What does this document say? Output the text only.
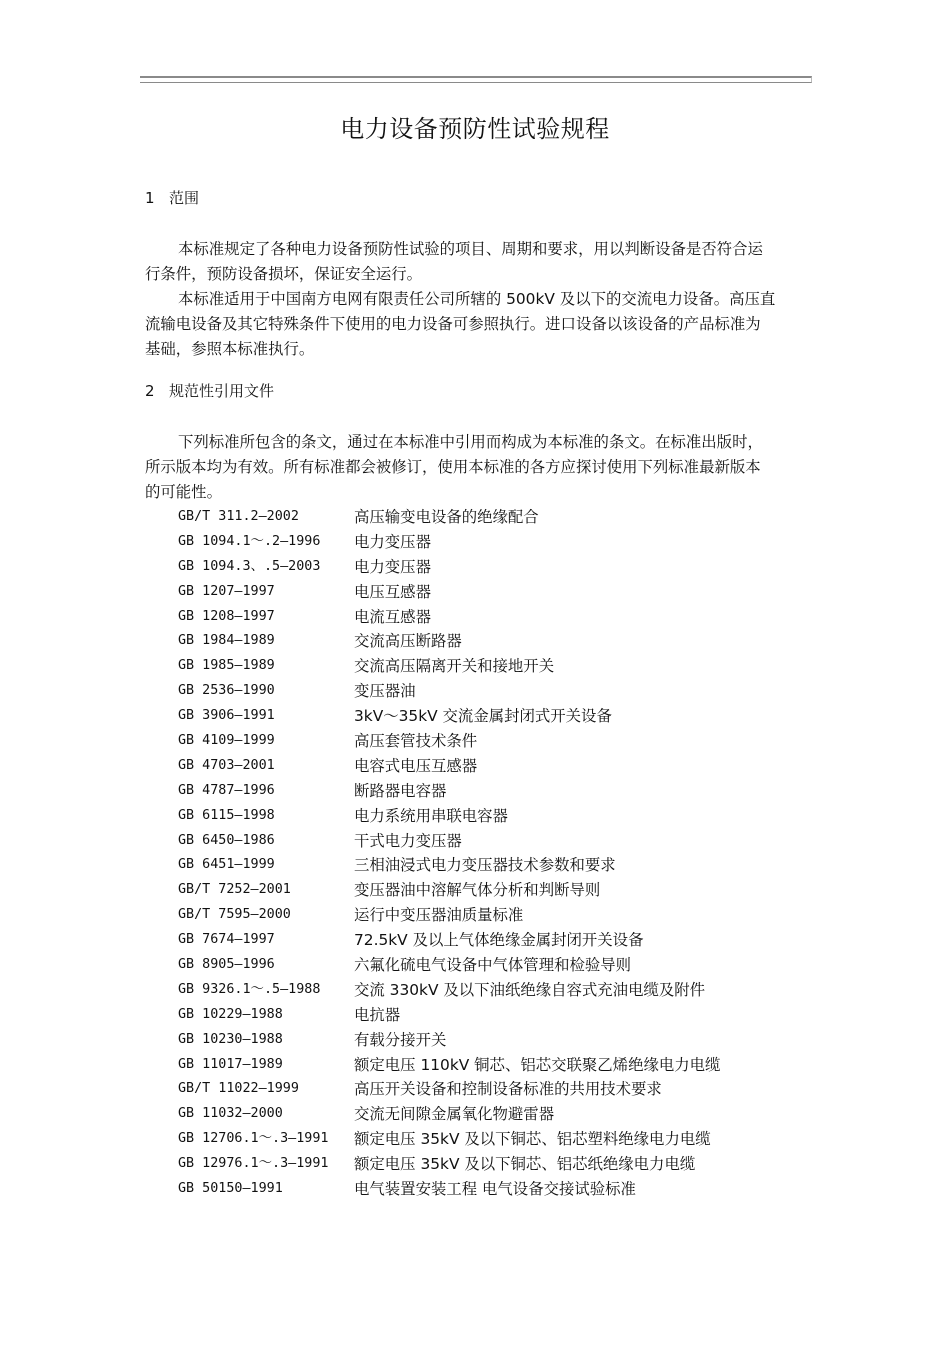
电力设备预防性试验规程
1 范围
本标准规定了各种电力设备预防性试验的项目、周期和要求，用以判断设备是否符合运
行条件，预防设备损坏，保证安全运行。
本标准适用于中国南方电网有限责任公司所辖的 500kV 及以下的交流电力设备。高压直
流输电设备及其它特殊条件下使用的电力设备可参照执行。进口设备以该设备的产品标准为
基础，参照本标准执行。
2 规范性引用文件
下列标准所包含的条文，通过在本标准中引用而构成为本标准的条文。在标准出版时，
所示版本均为有效。所有标准都会被修订，使用本标准的各方应探讨使用下列标准最新版本
的可能性。
GB/T 311.2—2002	高压输变电设备的绝缘配合
GB 1094.1～.2—1996 电力变压器
GB 1094.3、.5—2003 电力变压器
GB 1207—1997	电压互感器
GB 1208—1997	电流互感器
GB 1984—1989	交流高压断路器
GB 1985—1989	交流高压隔离开关和接地开关
GB 2536—1990	变压器油
GB 3906—1991	3kV～35kV 交流金属封闭式开关设备
GB 4109—1999	高压套管技术条件
GB 4703—2001	电容式电压互感器
GB 4787—1996	断路器电容器
GB 6115—1998	电力系统用串联电容器
GB 6450—1986	干式电力变压器
GB 6451—1999	三相油浸式电力变压器技术参数和要求
GB/T 7252—2001	变压器油中溶解气体分析和判断导则
GB/T 7595—2000	运行中变压器油质量标准
GB 7674—1997	72.5kV 及以上气体绝缘金属封闭开关设备
GB 8905—1996	六氟化硫电气设备中气体管理和检验导则
GB 9326.1～.5—1988 交流 330kV 及以下油纸绝缘自容式充油电缆及附件
GB 10229—1988	电抗器
GB 10230—1988	有载分接开关
GB 11017—1989	额定电压 110kV 铜芯、铝芯交联聚乙烯绝缘电力电缆
GB/T 11022—1999	高压开关设备和控制设备标准的共用技术要求
GB 11032—2000	交流无间隙金属氧化物避雷器
GB 12706.1～.3—1991 额定电压 35kV 及以下铜芯、铝芯塑料绝缘电力电缆
GB 12976.1～.3—1991 额定电压 35kV 及以下铜芯、铝芯纸绝缘电力电缆
GB 50150—1991	电气装置安装工程 电气设备交接试验标准
